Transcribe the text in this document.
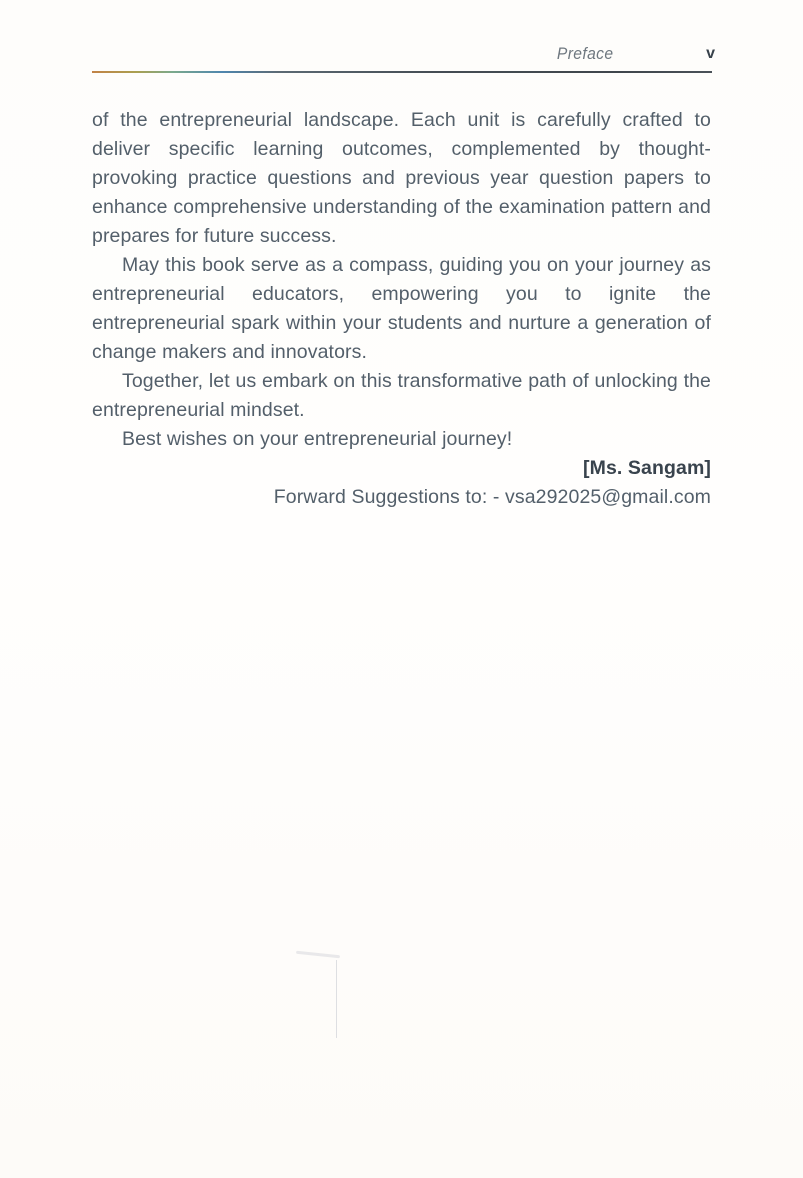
Preface	v

of the entrepreneurial landscape. Each unit is carefully crafted to deliver specific learning outcomes, complemented by thought-provoking practice questions and previous year question papers to enhance comprehensive understanding of the examination pattern and prepares for future success.

May this book serve as a compass, guiding you on your journey as entrepreneurial educators, empowering you to ignite the entrepreneurial spark within your students and nurture a generation of change makers and innovators.

Together, let us embark on this transformative path of unlocking the entrepreneurial mindset.

Best wishes on your entrepreneurial journey!

[Ms. Sangam]

Forward Suggestions to: - vsa292025@gmail.com
